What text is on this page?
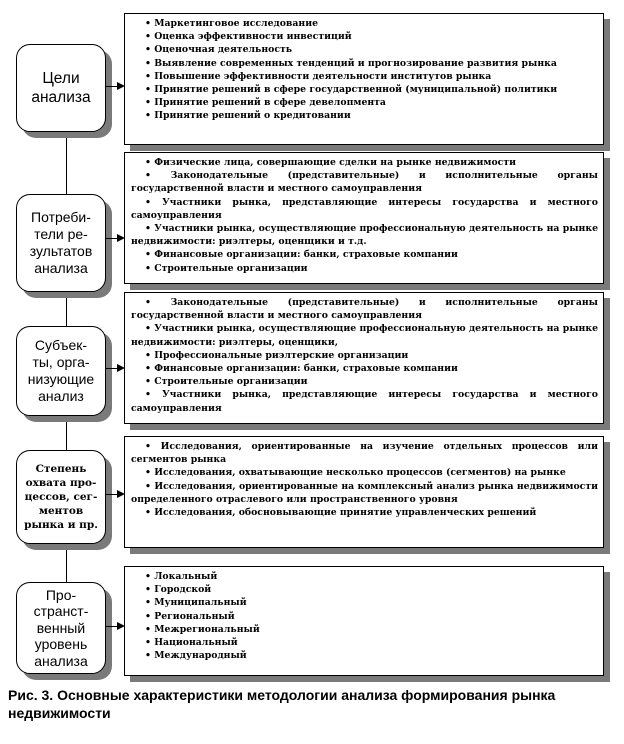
Цели
анализа
• Маркетинговое исследование
• Оценка эффективности инвестиций
• Оценочная деятельность
• Выявление современных тенденций и прогнозирование развития рынка
• Повышение эффективности деятельности институтов рынка
• Принятие решений в сфере государственной (муниципальной) политики
• Принятие решений в сфере девелопмента
• Принятие решений о кредитовании
Потреби-
тели ре-
зультатов
анализа
• Физические лица, совершающие сделки на рынке недвижимости
• Законодательные (представительные) и исполнительные органы государственной власти и местного самоуправления
• Участники рынка, представляющие интересы государства и местного самоуправления
• Участники рынка, осуществляющие профессиональную деятельность на рынке недвижимости: риэлтеры, оценщики и т.д.
• Финансовые организации: банки, страховые компании
• Строительные организации
Субъек-
ты, орга-
низующие
анализ
• Законодательные (представительные) и исполнительные органы государственной власти и местного самоуправления
• Участники рынка, осуществляющие профессиональную деятельность на рынке недвижимости: риэлтеры, оценщики,
• Профессиональные риэлтерские организации
• Финансовые организации: банки, страховые компании
• Строительные организации
• Участники рынка, представляющие интересы государства и местного самоуправления
Степень
охвата про-
цессов, сег-
ментов
рынка и пр.
• Исследования, ориентированные на изучение отдельных процессов или сегментов рынка
• Исследования, охватывающие несколько процессов (сегментов) на рынке
• Исследования, ориентированные на комплексный анализ рынка недвижимости определенного отраслевого или пространственного уровня
• Исследования, обосновывающие принятие управленческих решений
Про-
странст-
венный
уровень
анализа
• Локальный
• Городской
• Муниципальный
• Региональный
• Межрегиональный
• Национальный
• Международный
Рис. 3. Основные характеристики методологии анализа формирования рынка недвижимости
